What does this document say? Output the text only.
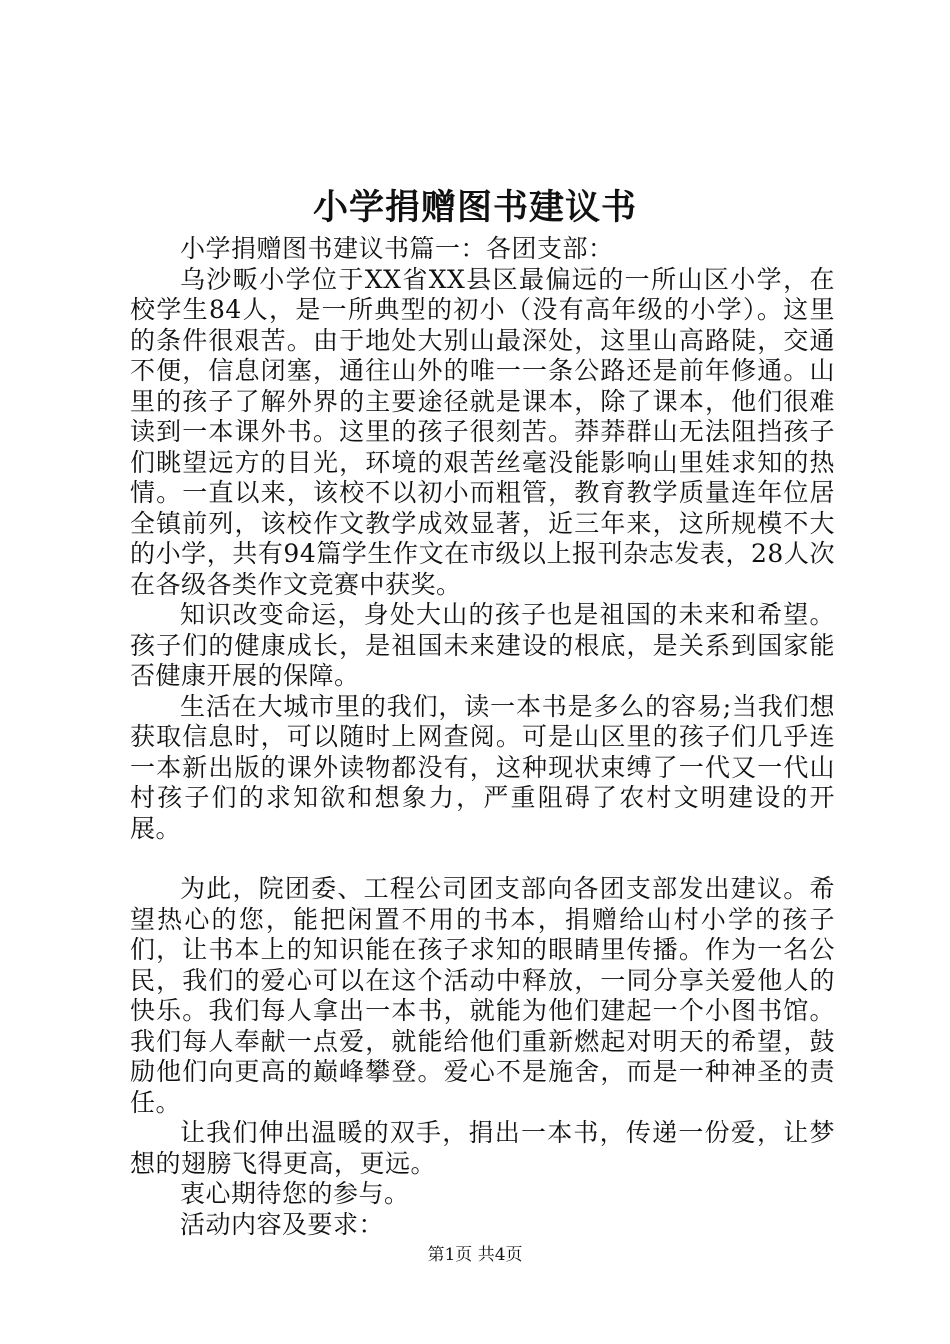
小学捐赠图书建议书

小学捐赠图书建议书篇一：各团支部：

乌沙畈小学位于XX省XX县区最偏远的一所山区小学，在校学生84人，是一所典型的初小（没有高年级的小学）。这里的条件很艰苦。由于地处大别山最深处，这里山高路陡，交通不便，信息闭塞，通往山外的唯一一条公路还是前年修通。山里的孩子了解外界的主要途径就是课本，除了课本，他们很难读到一本课外书。这里的孩子很刻苦。莽莽群山无法阻挡孩子们眺望远方的目光，环境的艰苦丝毫没能影响山里娃求知的热情。一直以来，该校不以初小而粗管，教育教学质量连年位居全镇前列，该校作文教学成效显著，近三年来，这所规模不大的小学，共有94篇学生作文在市级以上报刊杂志发表，28人次在各级各类作文竞赛中获奖。

知识改变命运，身处大山的孩子也是祖国的未来和希望。孩子们的健康成长，是祖国未来建设的根底，是关系到国家能否健康开展的保障。

生活在大城市里的我们，读一本书是多么的容易;当我们想获取信息时，可以随时上网查阅。可是山区里的孩子们几乎连一本新出版的课外读物都没有，这种现状束缚了一代又一代山村孩子们的求知欲和想象力，严重阻碍了农村文明建设的开展。

为此，院团委、工程公司团支部向各团支部发出建议。希望热心的您，能把闲置不用的书本，捐赠给山村小学的孩子们，让书本上的知识能在孩子求知的眼睛里传播。作为一名公民，我们的爱心可以在这个活动中释放，一同分享关爱他人的快乐。我们每人拿出一本书，就能为他们建起一个小图书馆。我们每人奉献一点爱，就能给他们重新燃起对明天的希望，鼓励他们向更高的巅峰攀登。爱心不是施舍，而是一种神圣的责任。

让我们伸出温暖的双手，捐出一本书，传递一份爱，让梦想的翅膀飞得更高，更远。

衷心期待您的参与。

活动内容及要求：

第1页 共4页
